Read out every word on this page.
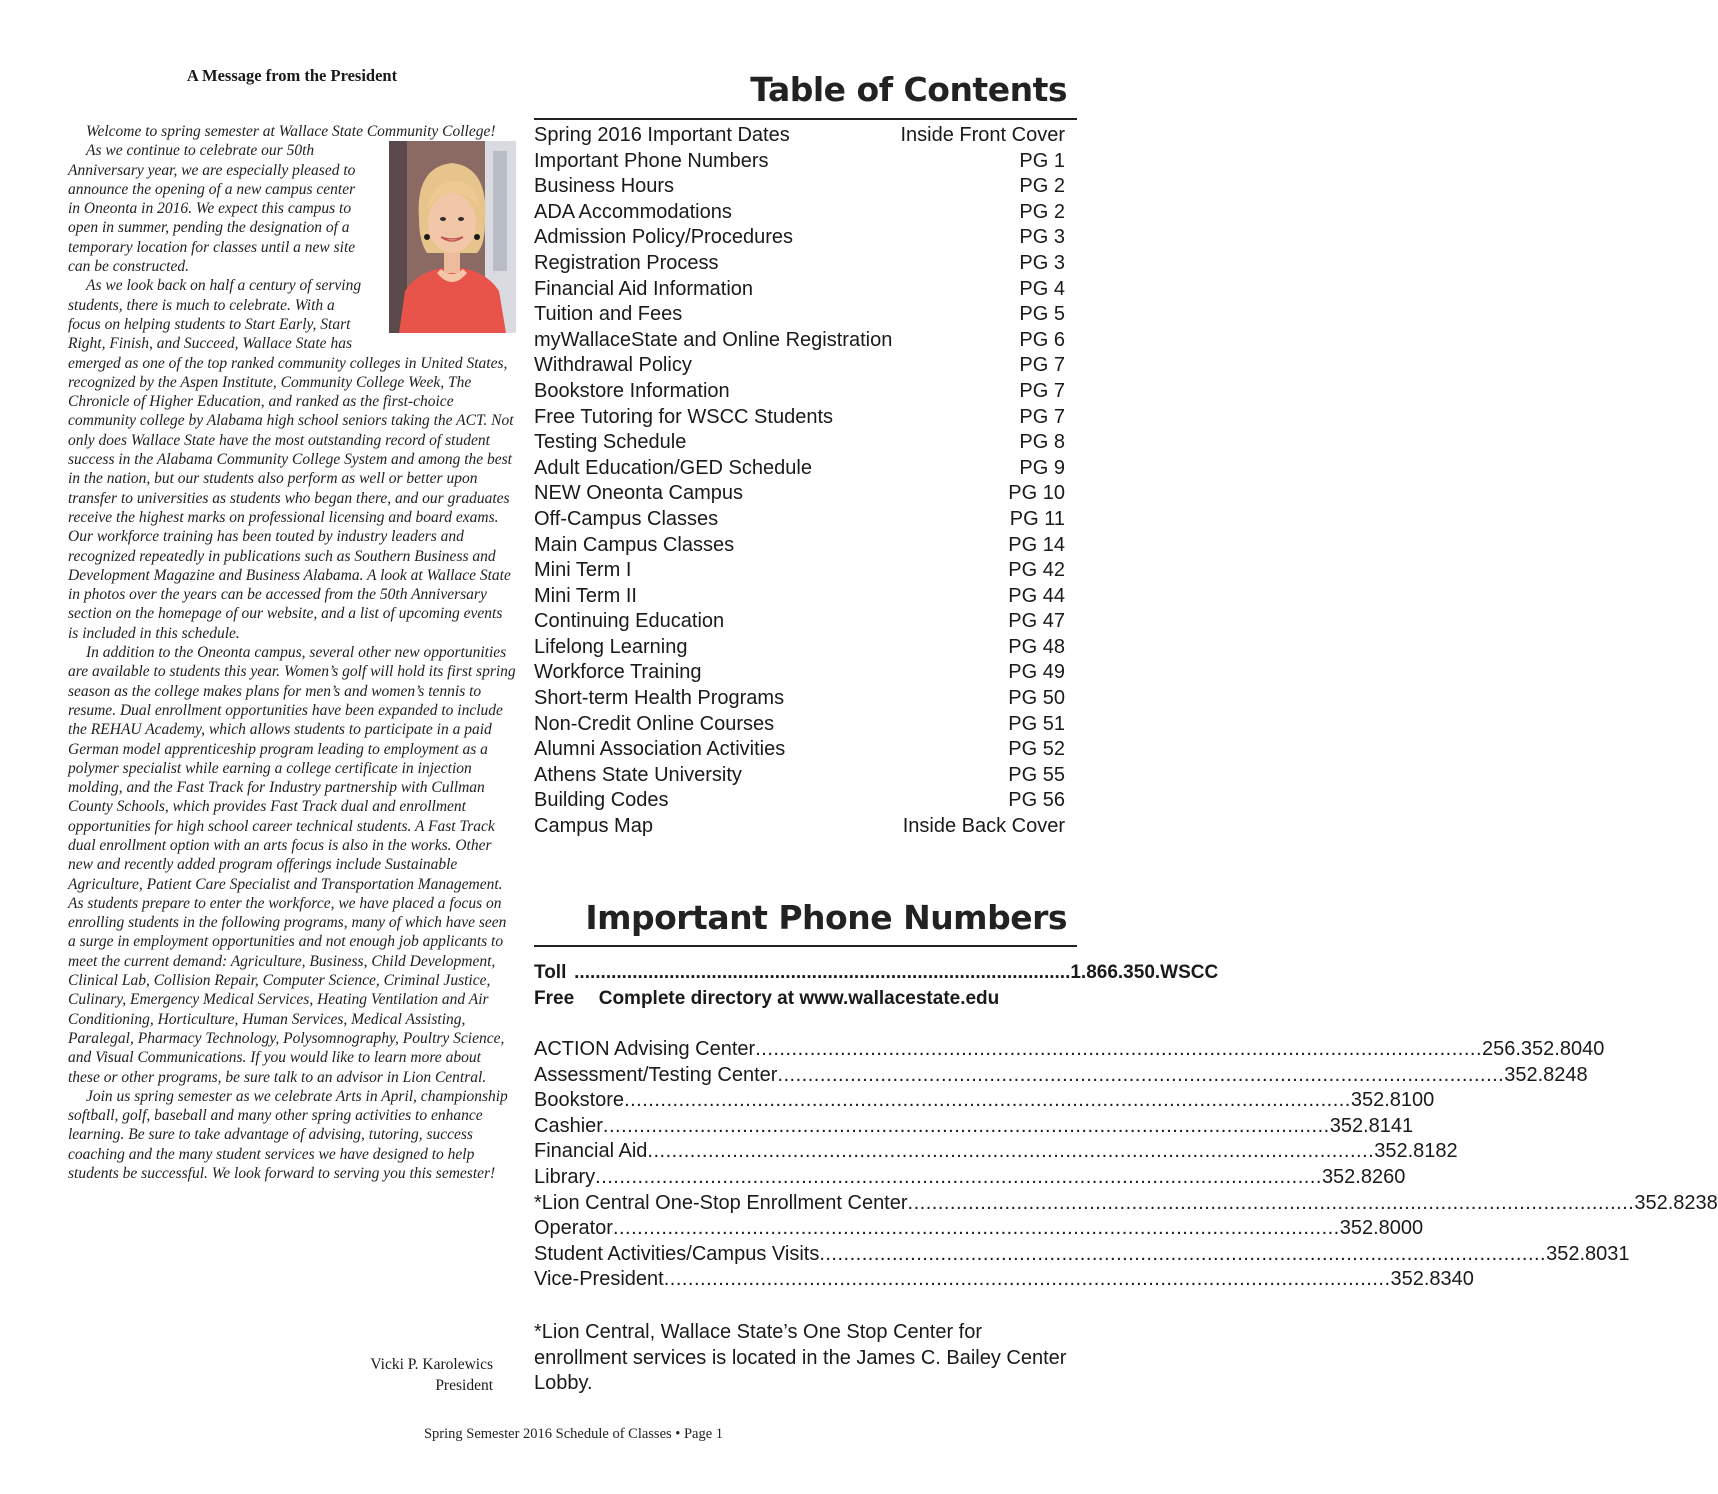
A Message from the President

Welcome to spring semester at Wallace State Community College!

As we continue to celebrate our 50th Anniversary year, we are especially pleased to announce the opening of a new campus center in Oneonta in 2016. We expect this campus to open in summer, pending the designation of a temporary location for classes until a new site can be constructed.

As we look back on half a century of serving students, there is much to celebrate. With a focus on helping students to Start Early, Start Right, Finish, and Succeed, Wallace State has emerged as one of the top ranked community colleges in United States, recognized by the Aspen Institute, Community College Week, The Chronicle of Higher Education, and ranked as the first-choice community college by Alabama high school seniors taking the ACT. Not only does Wallace State have the most outstanding record of student success in the Alabama Community College System and among the best in the nation, but our students also perform as well or better upon transfer to universities as students who began there, and our graduates receive the highest marks on professional licensing and board exams. Our workforce training has been touted by industry leaders and recognized repeatedly in publications such as Southern Business and Development Magazine and Business Alabama. A look at Wallace State in photos over the years can be accessed from the 50th Anniversary section on the homepage of our website, and a list of upcoming events is included in this schedule.

In addition to the Oneonta campus, several other new opportunities are available to students this year. Women’s golf will hold its first spring season as the college makes plans for men’s and women’s tennis to resume. Dual enrollment opportunities have been expanded to include the REHAU Academy, which allows students to participate in a paid German model apprenticeship program leading to employment as a polymer specialist while earning a college certificate in injection molding, and the Fast Track for Industry partnership with Cullman County Schools, which provides Fast Track dual and enrollment opportunities for high school career technical students. A Fast Track dual enrollment option with an arts focus is also in the works. Other new and recently added program offerings include Sustainable Agriculture, Patient Care Specialist and Transportation Management. As students prepare to enter the workforce, we have placed a focus on enrolling students in the following programs, many of which have seen a surge in employment opportunities and not enough job applicants to meet the current demand: Agriculture, Business, Child Development, Clinical Lab, Collision Repair, Computer Science, Criminal Justice, Culinary, Emergency Medical Services, Heating Ventilation and Air Conditioning, Horticulture, Human Services, Medical Assisting, Paralegal, Pharmacy Technology, Polysomnography, Poultry Science, and Visual Communications. If you would like to learn more about these or other programs, be sure talk to an advisor in Lion Central.

Join us spring semester as we celebrate Arts in April, championship softball, golf, baseball and many other spring activities to enhance learning. Be sure to take advantage of advising, tutoring, success coaching and the many student services we have designed to help students be successful. We look forward to serving you this semester!

Vicki P. Karolewics
President
Table of Contents
Spring 2016 Important Dates	Inside Front Cover
Important Phone Numbers	PG 1
Business Hours	PG 2
ADA Accommodations	PG 2
Admission Policy/Procedures	PG 3
Registration Process	PG 3
Financial Aid Information	PG 4
Tuition and Fees	PG 5
myWallaceState and Online Registration	PG 6
Withdrawal Policy	PG 7
Bookstore Information	PG 7
Free Tutoring for WSCC Students	PG 7
Testing Schedule	PG 8
Adult Education/GED Schedule	PG 9
NEW Oneonta Campus	PG 10
Off-Campus Classes	PG 11
Main Campus Classes	PG 14
Mini Term I	PG 42
Mini Term II	PG 44
Continuing Education	PG 47
Lifelong Learning	PG 48
Workforce Training	PG 49
Short-term Health Programs	PG 50
Non-Credit Online Courses	PG 51
Alumni Association Activities	PG 52
Athens State University	PG 55
Building Codes	PG 56
Campus Map	Inside Back Cover
Important Phone Numbers
Toll Free
.............................................................................................. 1.866.350.WSCC
Complete directory at www.wallacestate.edu
ACTION Advising Center ........................................................................................................................ 256.352.8040
Assessment/Testing Center ........................................................................................................................ 352.8248
Bookstore ........................................................................................................................ 352.8100
Cashier ........................................................................................................................ 352.8141
Financial Aid ........................................................................................................................ 352.8182
Library ........................................................................................................................ 352.8260
*Lion Central One-Stop Enrollment Center ........................................................................................................................ 352.8238
Operator ........................................................................................................................ 352.8000
Student Activities/Campus Visits ........................................................................................................................ 352.8031
Vice-President ........................................................................................................................ 352.8340
*Lion Central, Wallace State’s One Stop Center for enrollment services is located in the James C. Bailey Center Lobby.
Spring Semester 2016 Schedule of Classes • Page 1
